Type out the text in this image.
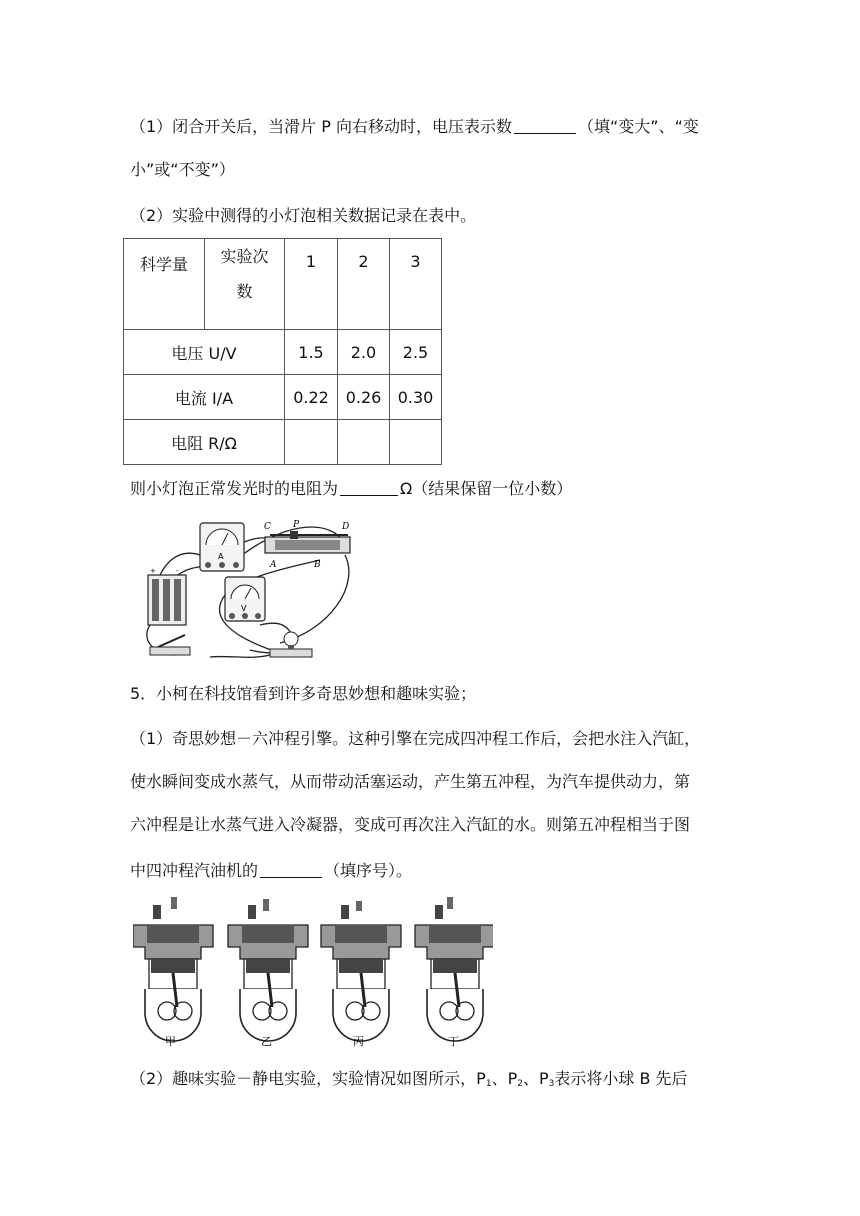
（1）闭合开关后，当滑片 P 向右移动时，电压表示数	（填“变大”、“变
小”或“不变”）
（2）实验中测得的小灯泡相关数据记录在表中。
科学量	实验次
数	1	2	3
电压 U/V		1.5	2.0	2.5
电流 I/A		0.22	0.26	0.30
电阻 R/Ω				
则小灯泡正常发光时的电阻为	Ω（结果保留一位小数）
+	-
A
C P	D
A	B
V
5．小柯在科技馆看到许多奇思妙想和趣味实验；
（1）奇思妙想－六冲程引擎。这种引擎在完成四冲程工作后，会把水注入汽缸，
使水瞬间变成水蒸气，从而带动活塞运动，产生第五冲程，为汽车提供动力，第
六冲程是让水蒸气进入冷凝器，变成可再次注入汽缸的水。则第五冲程相当于图
中四冲程汽油机的	（填序号）。
甲	乙	丙	丁
（2）趣味实验－静电实验，实验情况如图所示，$P_1$、$P_2$、$P_3$表示将小球 B 先后
